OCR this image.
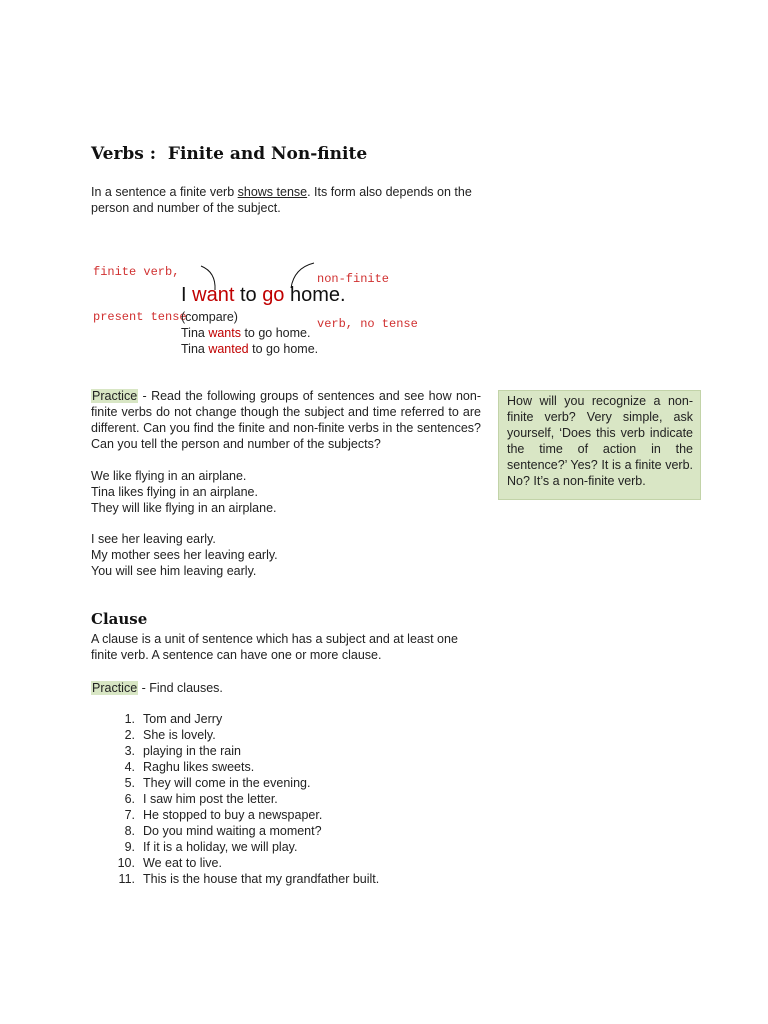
Verbs :  Finite and Non-finite
In a sentence a finite verb shows tense. Its form also depends on the person and number of the subject.

finite verb,

present tense

non-finite

verb, no tense

I want to go home.
(compare)
Tina wants to go home.
Tina wanted to go home.
Practice - Read the following groups of sentences and see how non-finite verbs do not change though the subject and time referred to are different. Can you find the finite and non-finite verbs in the sentences? Can you tell the person and number of the subjects?
How will you recognize a non-finite verb? Very simple, ask yourself, ‘Does this verb indicate the time of action in the sentence?’ Yes? It is a finite verb. No? It’s a non-finite verb.
We like flying in an airplane.
Tina likes flying in an airplane.
They will like flying in an airplane.
I see her leaving early.
My mother sees her leaving early.
You will see him leaving early.
Clause
A clause is a unit of sentence which has a subject and at least one finite verb. A sentence can have one or more clause.
Practice - Find clauses.
1. Tom and Jerry
2. She is lovely.
3. playing in the rain
4. Raghu likes sweets.
5. They will come in the evening.
6. I saw him post the letter.
7. He stopped to buy a newspaper.
8. Do you mind waiting a moment?
9. If it is a holiday, we will play.
10. We eat to live.
11. This is the house that my grandfather built.
